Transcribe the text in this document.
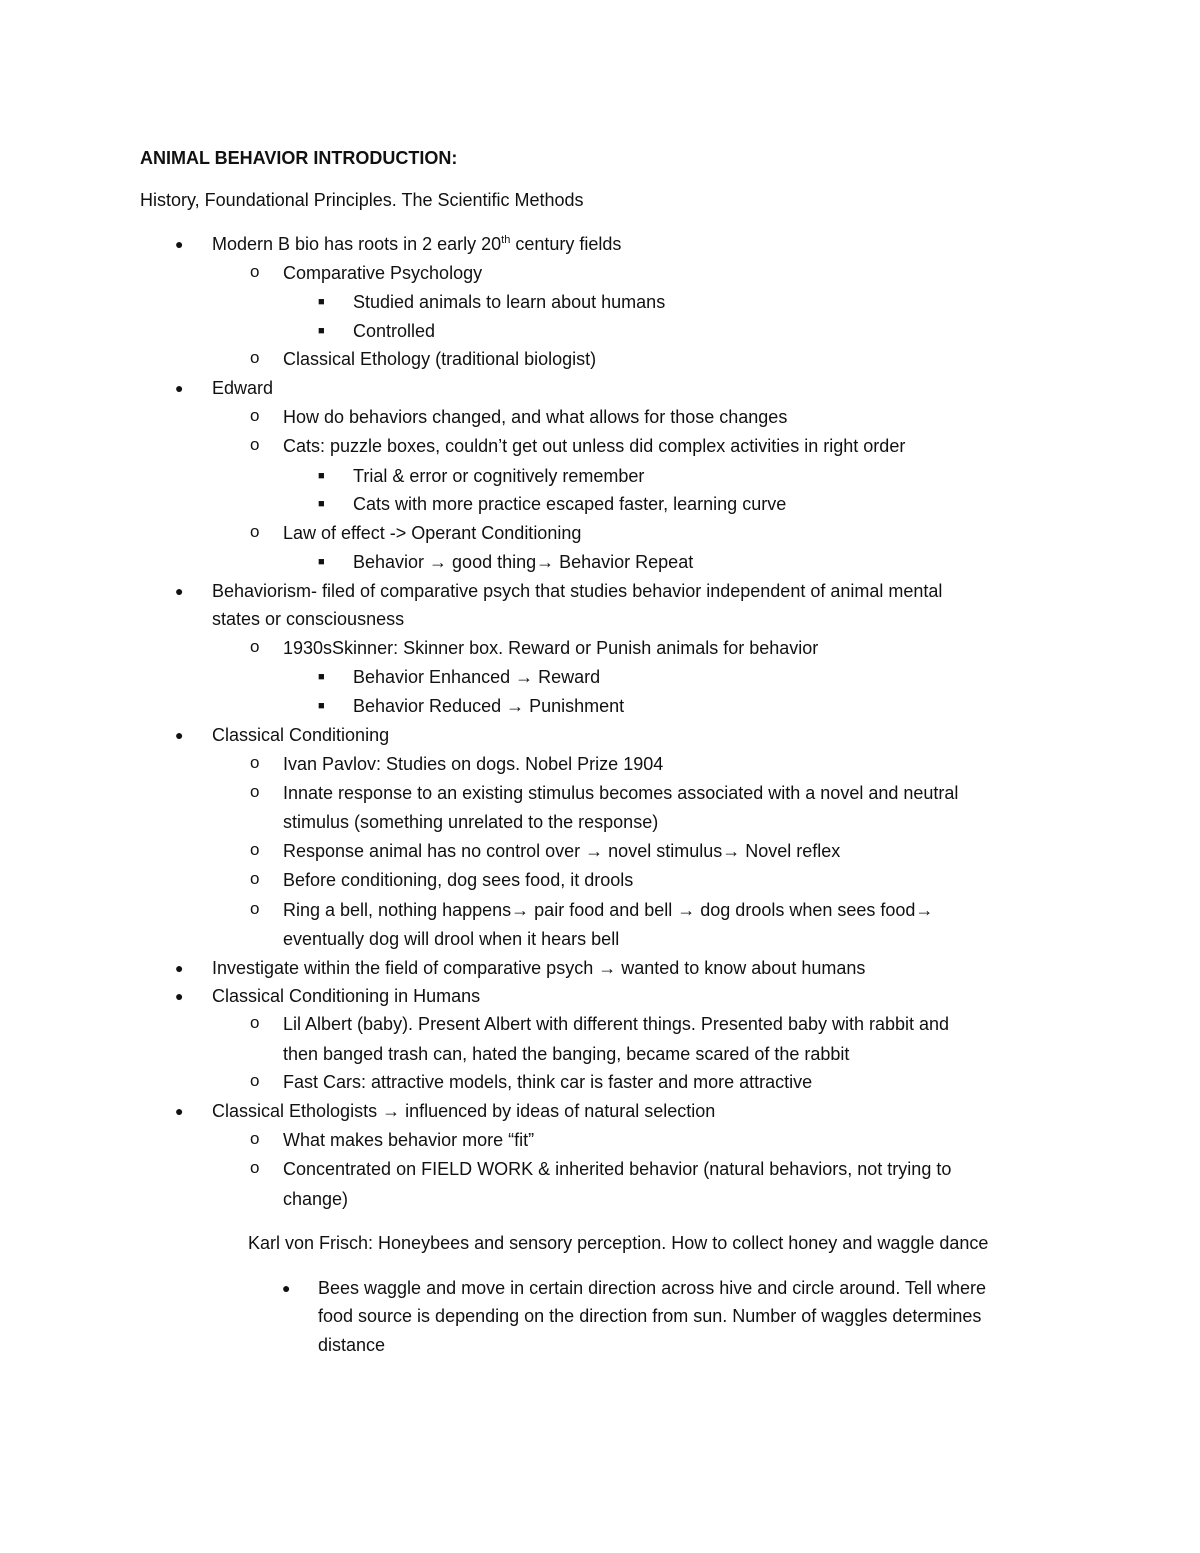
ANIMAL BEHAVIOR INTRODUCTION:
History, Foundational Principles. The Scientific Methods
● Modern B bio has roots in 2 early 20th century fields
o Comparative Psychology
■ Studied animals to learn about humans
■ Controlled
o Classical Ethology (traditional biologist)
● Edward
o How do behaviors changed, and what allows for those changes
o Cats: puzzle boxes, couldn’t get out unless did complex activities in right order
■ Trial & error or cognitively remember
■ Cats with more practice escaped faster, learning curve
o Law of effect -> Operant Conditioning
■ Behavior → good thing→ Behavior Repeat
● Behaviorism- filed of comparative psych that studies behavior independent of animal mental
states or consciousness
o 1930sSkinner: Skinner box. Reward or Punish animals for behavior
■ Behavior Enhanced → Reward
■ Behavior Reduced → Punishment
● Classical Conditioning
o Ivan Pavlov: Studies on dogs. Nobel Prize 1904
o Innate response to an existing stimulus becomes associated with a novel and neutral
stimulus (something unrelated to the response)
o Response animal has no control over → novel stimulus→ Novel reflex
o Before conditioning, dog sees food, it drools
o Ring a bell, nothing happens→ pair food and bell → dog drools when sees food→
eventually dog will drool when it hears bell
● Investigate within the field of comparative psych → wanted to know about humans
● Classical Conditioning in Humans
o Lil Albert (baby). Present Albert with different things. Presented baby with rabbit and
then banged trash can, hated the banging, became scared of the rabbit
o Fast Cars: attractive models, think car is faster and more attractive
● Classical Ethologists → influenced by ideas of natural selection
o What makes behavior more “fit”
o Concentrated on FIELD WORK & inherited behavior (natural behaviors, not trying to
change)
Karl von Frisch: Honeybees and sensory perception. How to collect honey and waggle dance
● Bees waggle and move in certain direction across hive and circle around. Tell where
food source is depending on the direction from sun. Number of waggles determines
distance
